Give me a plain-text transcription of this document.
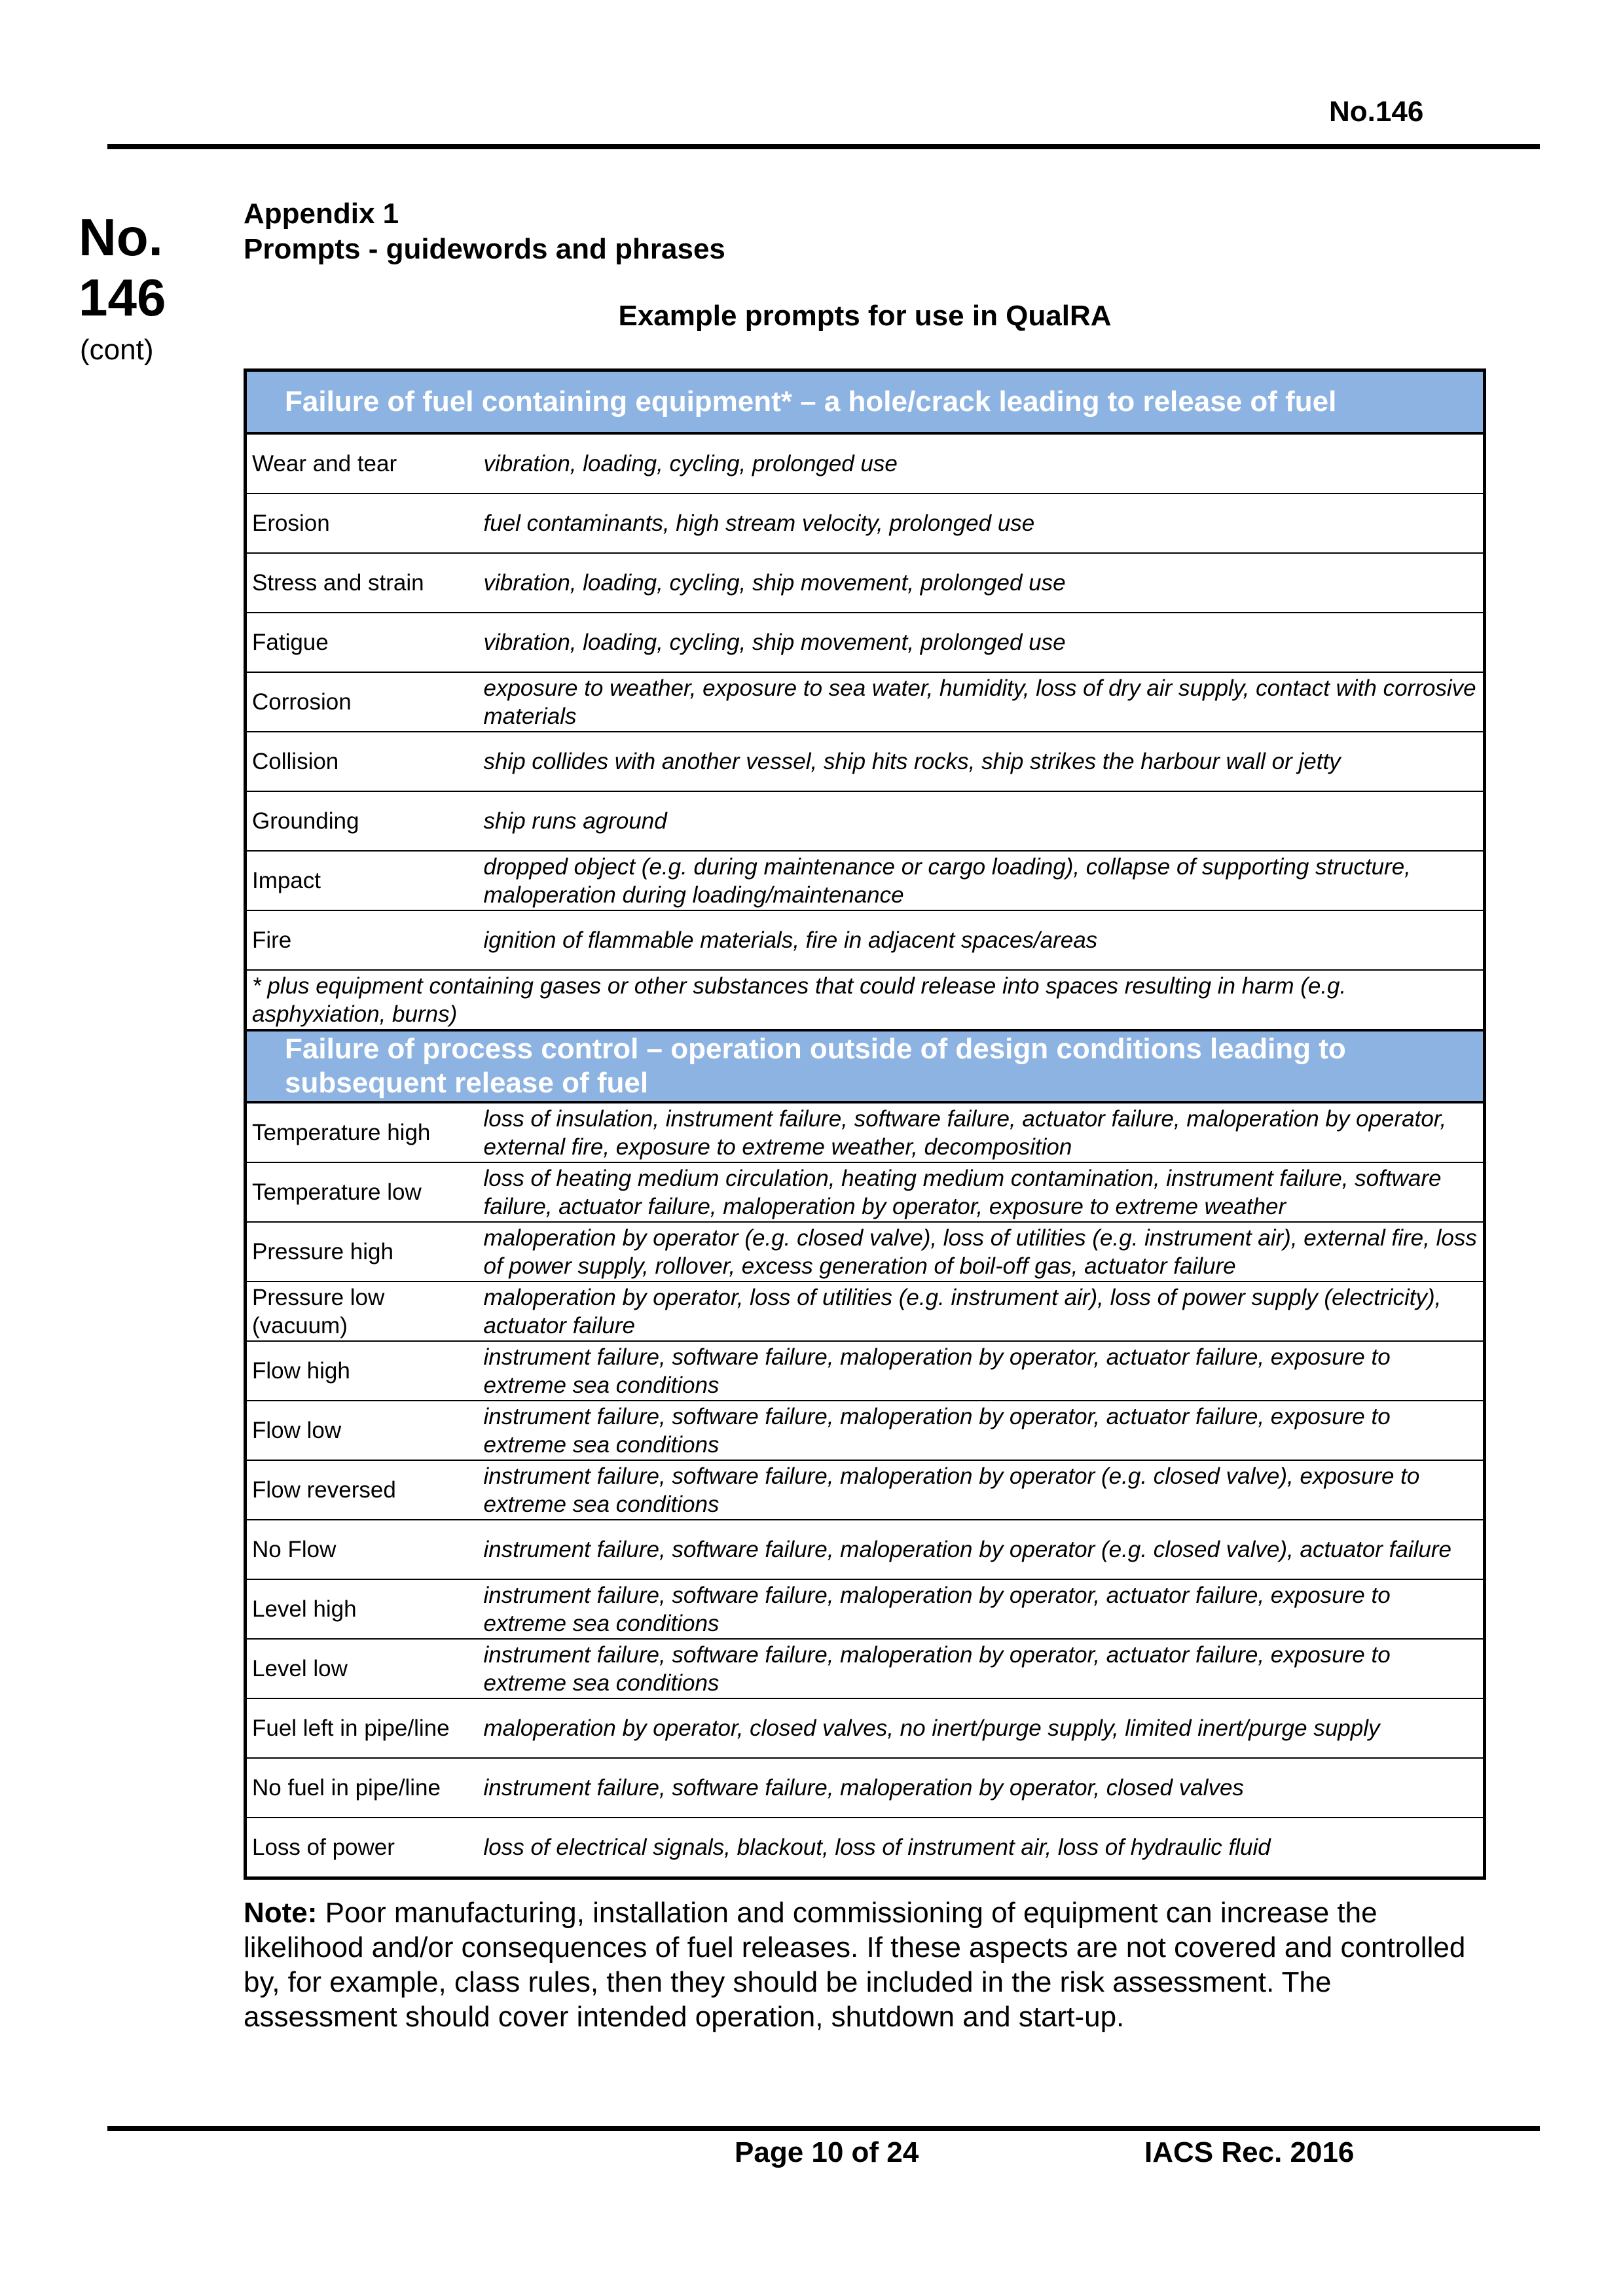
No.146
No.
146
(cont)
Appendix 1
Prompts - guidewords and phrases
Example prompts for use in QualRA
Failure of fuel containing equipment* – a hole/crack leading to release of fuel	
Wear and tear	vibration, loading, cycling, prolonged use
Erosion	fuel contaminants, high stream velocity, prolonged use
Stress and strain	vibration, loading, cycling, ship movement, prolonged use
Fatigue	vibration, loading, cycling, ship movement, prolonged use
Corrosion	exposure to weather, exposure to sea water, humidity, loss of dry air supply, contact with corrosive materials
Collision	ship collides with another vessel, ship hits rocks, ship strikes the harbour wall or jetty
Grounding	ship runs aground
Impact	dropped object (e.g. during maintenance or cargo loading), collapse of supporting structure, maloperation during loading/maintenance
Fire	ignition of flammable materials, fire in adjacent spaces/areas
* plus equipment containing gases or other substances that could release into spaces resulting in harm (e.g. asphyxiation, burns)	
Failure of process control – operation outside of design conditions leading to subsequent release of fuel	
Temperature high	loss of insulation, instrument failure, software failure, actuator failure, maloperation by operator, external fire, exposure to extreme weather, decomposition
Temperature low	loss of heating medium circulation, heating medium contamination, instrument failure, software failure, actuator failure, maloperation by operator, exposure to extreme weather
Pressure high	maloperation by operator (e.g. closed valve), loss of utilities (e.g. instrument air), external fire, loss of power supply, rollover, excess generation of boil-off gas, actuator failure
Pressure low (vacuum)	maloperation by operator, loss of utilities (e.g. instrument air), loss of power supply (electricity), actuator failure
Flow high	instrument failure, software failure, maloperation by operator, actuator failure, exposure to extreme sea conditions
Flow low	instrument failure, software failure, maloperation by operator, actuator failure, exposure to extreme sea conditions
Flow reversed	instrument failure, software failure, maloperation by operator (e.g. closed valve), exposure to extreme sea conditions
No Flow	instrument failure, software failure, maloperation by operator (e.g. closed valve), actuator failure
Level high	instrument failure, software failure, maloperation by operator, actuator failure, exposure to extreme sea conditions
Level low	instrument failure, software failure, maloperation by operator, actuator failure, exposure to extreme sea conditions
Fuel left in pipe/line	maloperation by operator, closed valves, no inert/purge supply, limited inert/purge supply
No fuel in pipe/line	instrument failure, software failure, maloperation by operator, closed valves
Loss of power	loss of electrical signals, blackout, loss of instrument air, loss of hydraulic fluid
Note: Poor manufacturing, installation and commissioning of equipment can increase the likelihood and/or consequences of fuel releases. If these aspects are not covered and controlled by, for example, class rules, then they should be included in the risk assessment. The assessment should cover intended operation, shutdown and start-up.
Page 10 of 24	IACS Rec. 2016
